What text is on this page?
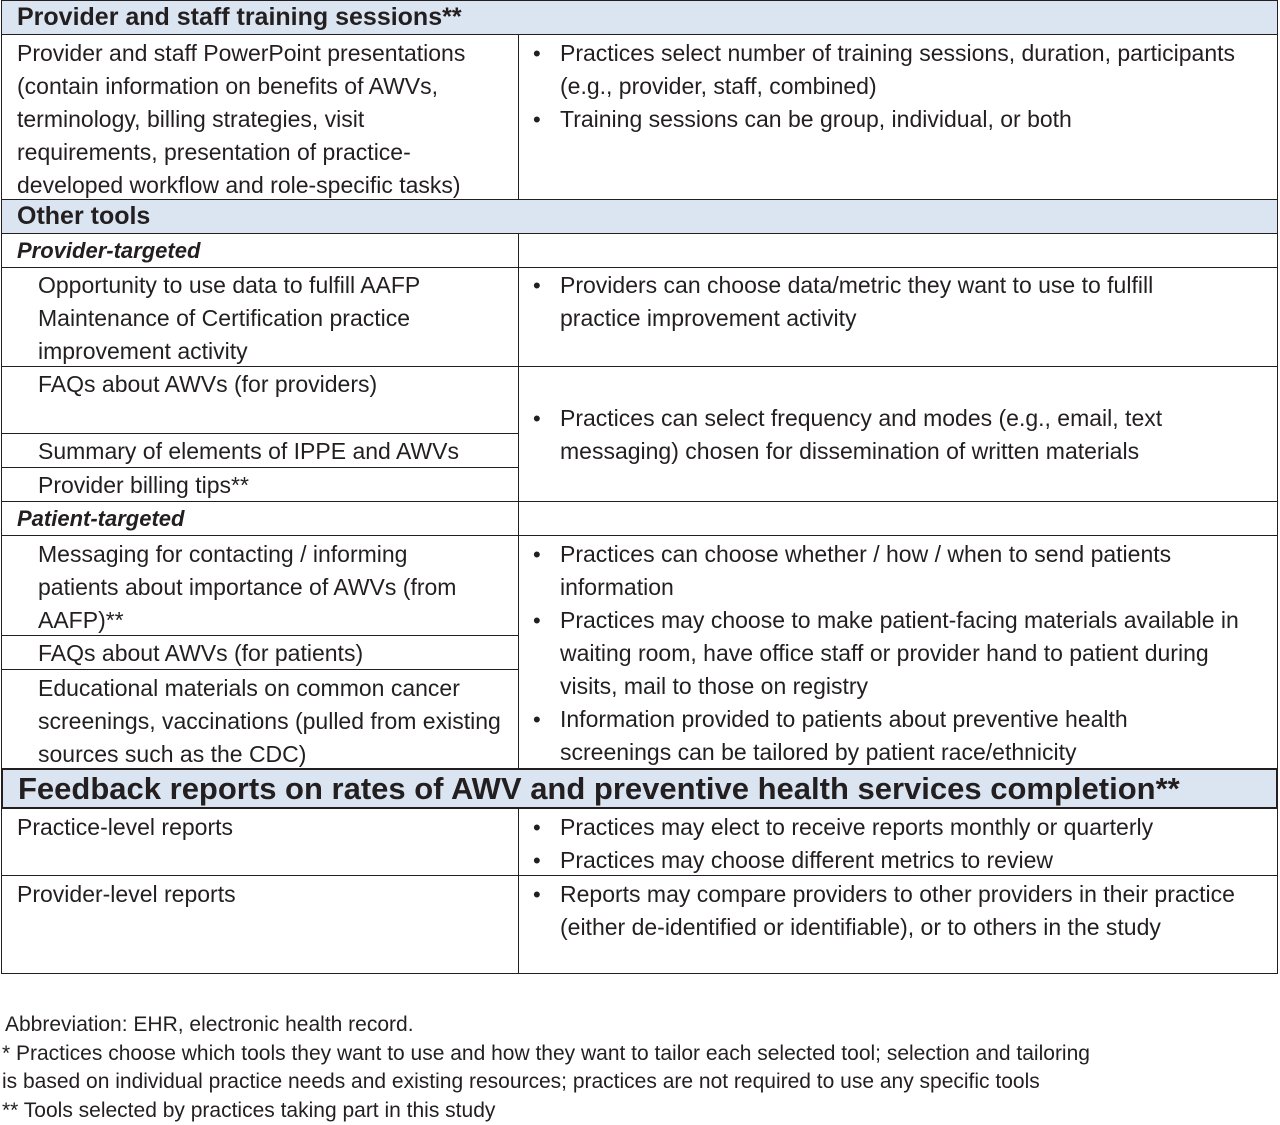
Provider and staff training sessions**
Provider and staff PowerPoint presentations
(contain information on benefits of AWVs,
terminology, billing strategies, visit
requirements, presentation of practice-
developed workflow and role-specific tasks)
• Practices select number of training sessions, duration, participants (e.g., provider, staff, combined)
• Training sessions can be group, individual, or both
Other tools
Provider-targeted
Opportunity to use data to fulfill AAFP Maintenance of Certification practice improvement activity
• Providers can choose data/metric they want to use to fulfill practice improvement activity
FAQs about AWVs (for providers)
Summary of elements of IPPE and AWVs
Provider billing tips**
• Practices can select frequency and modes (e.g., email, text messaging) chosen for dissemination of written materials
Patient-targeted
Messaging for contacting / informing patients about importance of AWVs (from AAFP)**
FAQs about AWVs (for patients)
Educational materials on common cancer screenings, vaccinations (pulled from existing sources such as the CDC)
• Practices can choose whether / how / when to send patients information
• Practices may choose to make patient-facing materials available in waiting room, have office staff or provider hand to patient during visits, mail to those on registry
• Information provided to patients about preventive health screenings can be tailored by patient race/ethnicity
Feedback reports on rates of AWV and preventive health services completion**
Practice-level reports	• Practices may elect to receive reports monthly or quarterly
• Practices may choose different metrics to review
Provider-level reports	• Reports may compare providers to other providers in their practice (either de-identified or identifiable), or to others in the study
Abbreviation: EHR, electronic health record.
* Practices choose which tools they want to use and how they want to tailor each selected tool; selection and tailoring
is based on individual practice needs and existing resources; practices are not required to use any specific tools
** Tools selected by practices taking part in this study
